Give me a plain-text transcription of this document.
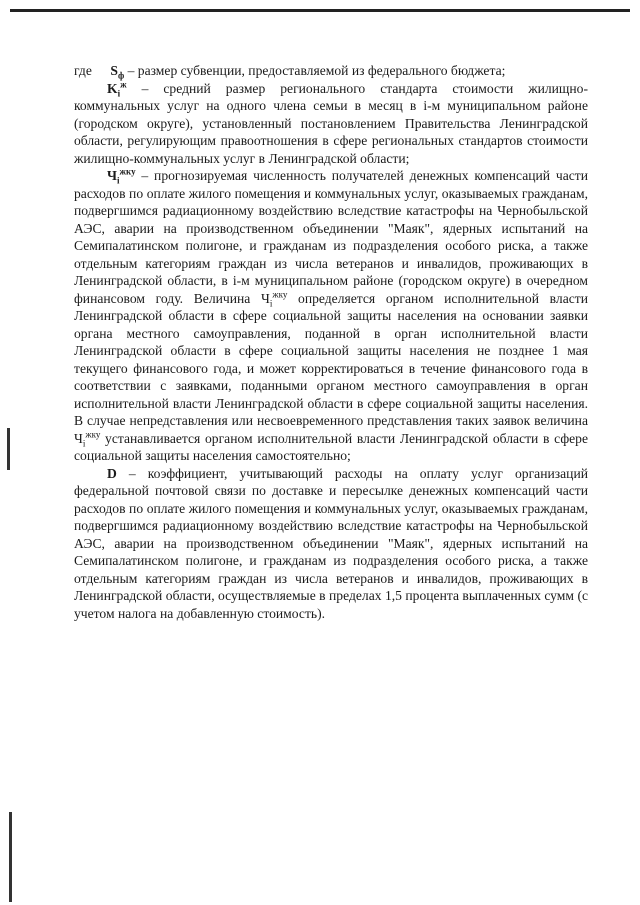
где $S_ф$ – размер субвенции, предоставляемой из федерального бюджета;

$K_i^ж$ – средний размер регионального стандарта стоимости жилищно-коммунальных услуг на одного члена семьи в месяц в i-м муниципальном районе (городском округе), установленный постановлением Правительства Ленинградской области, регулирующим правоотношения в сфере региональных стандартов стоимости жилищно-коммунальных услуг в Ленинградской области;

$Ч_i^{жку}$ – прогнозируемая численность получателей денежных компенсаций части расходов по оплате жилого помещения и коммунальных услуг, оказываемых гражданам, подвергшимся радиационному воздействию вследствие катастрофы на Чернобыльской АЭС, аварии на производственном объединении "Маяк", ядерных испытаний на Семипалатинском полигоне, и гражданам из подразделения особого риска, а также отдельным категориям граждан из числа ветеранов и инвалидов, проживающих в Ленинградской области, в i-м муниципальном районе (городском округе) в очередном финансовом году. Величина $Ч_i^{жку}$ определяется органом исполнительной власти Ленинградской области в сфере социальной защиты населения на основании заявки органа местного самоуправления, поданной в орган исполнительной власти Ленинградской области в сфере социальной защиты населения не позднее 1 мая текущего финансового года, и может корректироваться в течение финансового года в соответствии с заявками, поданными органом местного самоуправления в орган исполнительной власти Ленинградской области в сфере социальной защиты населения. В случае непредставления или несвоевременного представления таких заявок величина $Ч_i^{жку}$ устанавливается органом исполнительной власти Ленинградской области в сфере социальной защиты населения самостоятельно;

D – коэффициент, учитывающий расходы на оплату услуг организаций федеральной почтовой связи по доставке и пересылке денежных компенсаций части расходов по оплате жилого помещения и коммунальных услуг, оказываемых гражданам, подвергшимся радиационному воздействию вследствие катастрофы на Чернобыльской АЭС, аварии на производственном объединении "Маяк", ядерных испытаний на Семипалатинском полигоне, и гражданам из подразделения особого риска, а также отдельным категориям граждан из числа ветеранов и инвалидов, проживающих в Ленинградской области, осуществляемые в пределах 1,5 процента выплаченных сумм (с учетом налога на добавленную стоимость).
